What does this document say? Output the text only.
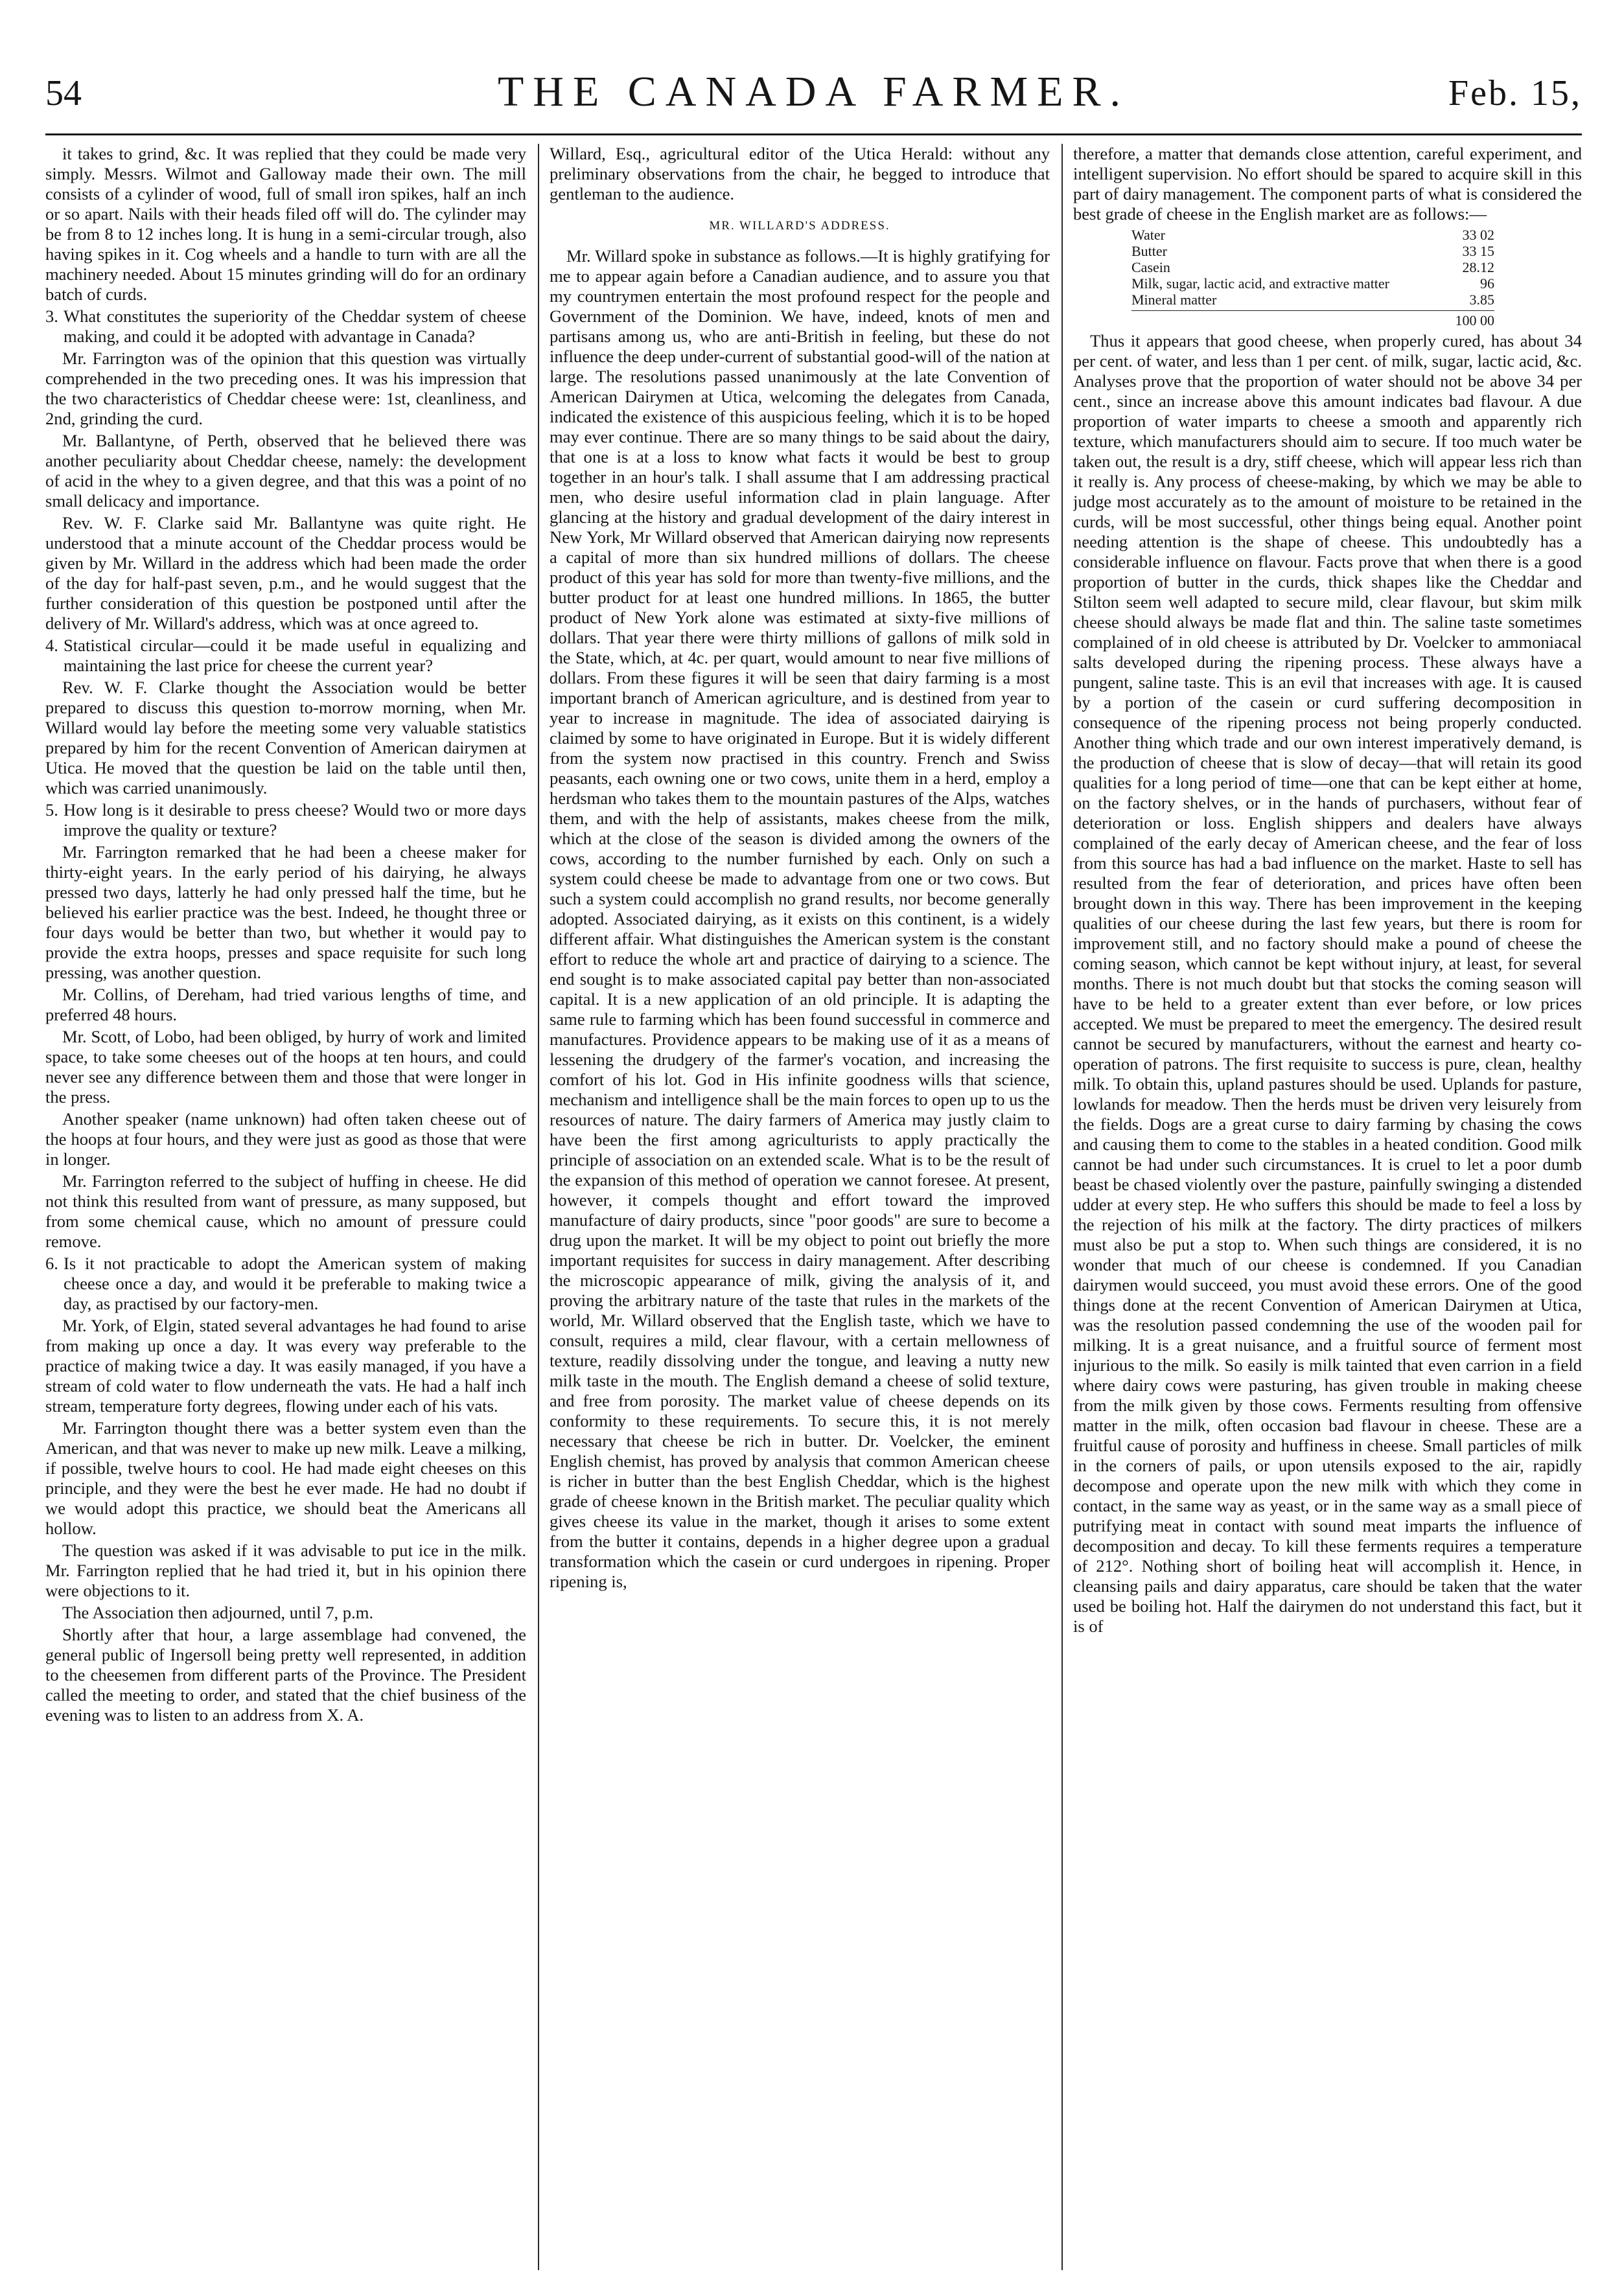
54	THE CANADA FARMER.	Feb. 15,

it takes to grind, &c. It was replied that they could be made very simply. Messrs. Wilmot and Galloway made their own. The mill consists of a cylinder of wood, full of small iron spikes, half an inch or so apart. Nails with their heads filed off will do. The cylinder may be from 8 to 12 inches long. It is hung in a semi-circular trough, also having spikes in it. Cog wheels and a handle to turn with are all the machinery needed. About 15 minutes grinding will do for an ordinary batch of curds.

3. What constitutes the superiority of the Cheddar system of cheese making, and could it be adopted with advantage in Canada?

Mr. Farrington was of the opinion that this question was virtually comprehended in the two preceding ones. It was his impression that the two characteristics of Cheddar cheese were: 1st, cleanliness, and 2nd, grinding the curd.

Mr. Ballantyne, of Perth, observed that he believed there was another peculiarity about Cheddar cheese, namely: the development of acid in the whey to a given degree, and that this was a point of no small delicacy and importance.

Rev. W. F. Clarke said Mr. Ballantyne was quite right. He understood that a minute account of the Cheddar process would be given by Mr. Willard in the address which had been made the order of the day for half-past seven, p.m., and he would suggest that the further consideration of this question be postponed until after the delivery of Mr. Willard's address, which was at once agreed to.

4. Statistical circular—could it be made useful in equalizing and maintaining the last price for cheese the current year?

Rev. W. F. Clarke thought the Association would be better prepared to discuss this question to-morrow morning, when Mr. Willard would lay before the meeting some very valuable statistics prepared by him for the recent Convention of American dairymen at Utica. He moved that the question be laid on the table until then, which was carried unanimously.

5. How long is it desirable to press cheese? Would two or more days improve the quality or texture?

Mr. Farrington remarked that he had been a cheese maker for thirty-eight years. In the early period of his dairying, he always pressed two days, latterly he had only pressed half the time, but he believed his earlier practice was the best. Indeed, he thought three or four days would be better than two, but whether it would pay to provide the extra hoops, presses and space requisite for such long pressing, was another question.

Mr. Collins, of Dereham, had tried various lengths of time, and preferred 48 hours.

Mr. Scott, of Lobo, had been obliged, by hurry of work and limited space, to take some cheeses out of the hoops at ten hours, and could never see any difference between them and those that were longer in the press.

Another speaker (name unknown) had often taken cheese out of the hoops at four hours, and they were just as good as those that were in longer.

Mr. Farrington referred to the subject of huffing in cheese. He did not think this resulted from want of pressure, as many supposed, but from some chemical cause, which no amount of pressure could remove.

6. Is it not practicable to adopt the American system of making cheese once a day, and would it be preferable to making twice a day, as practised by our factory-men.

Mr. York, of Elgin, stated several advantages he had found to arise from making up once a day. It was every way preferable to the practice of making twice a day. It was easily managed, if you have a stream of cold water to flow underneath the vats. He had a half inch stream, temperature forty degrees, flowing under each of his vats.

Mr. Farrington thought there was a better system even than the American, and that was never to make up new milk. Leave a milking, if possible, twelve hours to cool. He had made eight cheeses on this principle, and they were the best he ever made. He had no doubt if we would adopt this practice, we should beat the Americans all hollow.

The question was asked if it was advisable to put ice in the milk. Mr. Farrington replied that he had tried it, but in his opinion there were objections to it.

The Association then adjourned, until 7, p.m.

Shortly after that hour, a large assemblage had convened, the general public of Ingersoll being pretty well represented, in addition to the cheesemen from different parts of the Province. The President called the meeting to order, and stated that the chief business of the evening was to listen to an address from X. A.

Willard, Esq., agricultural editor of the Utica Herald: without any preliminary observations from the chair, he begged to introduce that gentleman to the audience.

MR. WILLARD'S ADDRESS.

Mr. Willard spoke in substance as follows.—It is highly gratifying for me to appear again before a Canadian audience, and to assure you that my countrymen entertain the most profound respect for the people and Government of the Dominion. We have, indeed, knots of men and partisans among us, who are anti-British in feeling, but these do not influence the deep under-current of substantial good-will of the nation at large. The resolutions passed unanimously at the late Convention of American Dairymen at Utica, welcoming the delegates from Canada, indicated the existence of this auspicious feeling, which it is to be hoped may ever continue. There are so many things to be said about the dairy, that one is at a loss to know what facts it would be best to group together in an hour's talk. I shall assume that I am addressing practical men, who desire useful information clad in plain language. After glancing at the history and gradual development of the dairy interest in New York, Mr Willard observed that American dairying now represents a capital of more than six hundred millions of dollars. The cheese product of this year has sold for more than twenty-five millions, and the butter product for at least one hundred millions. In 1865, the butter product of New York alone was estimated at sixty-five millions of dollars. That year there were thirty millions of gallons of milk sold in the State, which, at 4c. per quart, would amount to near five millions of dollars. From these figures it will be seen that dairy farming is a most important branch of American agriculture, and is destined from year to year to increase in magnitude. The idea of associated dairying is claimed by some to have originated in Europe. But it is widely different from the system now practised in this country. French and Swiss peasants, each owning one or two cows, unite them in a herd, employ a herdsman who takes them to the mountain pastures of the Alps, watches them, and with the help of assistants, makes cheese from the milk, which at the close of the season is divided among the owners of the cows, according to the number furnished by each. Only on such a system could cheese be made to advantage from one or two cows. But such a system could accomplish no grand results, nor become generally adopted. Associated dairying, as it exists on this continent, is a widely different affair. What distinguishes the American system is the constant effort to reduce the whole art and practice of dairying to a science. The end sought is to make associated capital pay better than non-associated capital. It is a new application of an old principle. It is adapting the same rule to farming which has been found successful in commerce and manufactures. Providence appears to be making use of it as a means of lessening the drudgery of the farmer's vocation, and increasing the comfort of his lot. God in His infinite goodness wills that science, mechanism and intelligence shall be the main forces to open up to us the resources of nature. The dairy farmers of America may justly claim to have been the first among agriculturists to apply practically the principle of association on an extended scale. What is to be the result of the expansion of this method of operation we cannot foresee. At present, however, it compels thought and effort toward the improved manufacture of dairy products, since "poor goods" are sure to become a drug upon the market. It will be my object to point out briefly the more important requisites for success in dairy management. After describing the microscopic appearance of milk, giving the analysis of it, and proving the arbitrary nature of the taste that rules in the markets of the world, Mr. Willard observed that the English taste, which we have to consult, requires a mild, clear flavour, with a certain mellowness of texture, readily dissolving under the tongue, and leaving a nutty new milk taste in the mouth. The English demand a cheese of solid texture, and free from porosity. The market value of cheese depends on its conformity to these requirements. To secure this, it is not merely necessary that cheese be rich in butter. Dr. Voelcker, the eminent English chemist, has proved by analysis that common American cheese is richer in butter than the best English Cheddar, which is the highest grade of cheese known in the British market. The peculiar quality which gives cheese its value in the market, though it arises to some extent from the butter it contains, depends in a higher degree upon a gradual transformation which the casein or curd undergoes in ripening. Proper ripening is,

therefore, a matter that demands close attention, careful experiment, and intelligent supervision. No effort should be spared to acquire skill in this part of dairy management. The component parts of what is considered the best grade of cheese in the English market are as follows:—

Water	33 02
Butter	33 15
Casein	28.12
Milk, sugar, lactic acid, and extractive matter	96
Mineral matter	3.85
100 00

Thus it appears that good cheese, when properly cured, has about 34 per cent. of water, and less than 1 per cent. of milk, sugar, lactic acid, &c. Analyses prove that the proportion of water should not be above 34 per cent., since an increase above this amount indicates bad flavour. A due proportion of water imparts to cheese a smooth and apparently rich texture, which manufacturers should aim to secure. If too much water be taken out, the result is a dry, stiff cheese, which will appear less rich than it really is. Any process of cheese-making, by which we may be able to judge most accurately as to the amount of moisture to be retained in the curds, will be most successful, other things being equal. Another point needing attention is the shape of cheese. This undoubtedly has a considerable influence on flavour. Facts prove that when there is a good proportion of butter in the curds, thick shapes like the Cheddar and Stilton seem well adapted to secure mild, clear flavour, but skim milk cheese should always be made flat and thin. The saline taste sometimes complained of in old cheese is attributed by Dr. Voelcker to ammoniacal salts developed during the ripening process. These always have a pungent, saline taste. This is an evil that increases with age. It is caused by a portion of the casein or curd suffering decomposition in consequence of the ripening process not being properly conducted. Another thing which trade and our own interest imperatively demand, is the production of cheese that is slow of decay—that will retain its good qualities for a long period of time—one that can be kept either at home, on the factory shelves, or in the hands of purchasers, without fear of deterioration or loss. English shippers and dealers have always complained of the early decay of American cheese, and the fear of loss from this source has had a bad influence on the market. Haste to sell has resulted from the fear of deterioration, and prices have often been brought down in this way. There has been improvement in the keeping qualities of our cheese during the last few years, but there is room for improvement still, and no factory should make a pound of cheese the coming season, which cannot be kept without injury, at least, for several months. There is not much doubt but that stocks the coming season will have to be held to a greater extent than ever before, or low prices accepted. We must be prepared to meet the emergency. The desired result cannot be secured by manufacturers, without the earnest and hearty co-operation of patrons. The first requisite to success is pure, clean, healthy milk. To obtain this, upland pastures should be used. Uplands for pasture, lowlands for meadow. Then the herds must be driven very leisurely from the fields. Dogs are a great curse to dairy farming by chasing the cows and causing them to come to the stables in a heated condition. Good milk cannot be had under such circumstances. It is cruel to let a poor dumb beast be chased violently over the pasture, painfully swinging a distended udder at every step. He who suffers this should be made to feel a loss by the rejection of his milk at the factory. The dirty practices of milkers must also be put a stop to. When such things are considered, it is no wonder that much of our cheese is condemned. If you Canadian dairymen would succeed, you must avoid these errors. One of the good things done at the recent Convention of American Dairymen at Utica, was the resolution passed condemning the use of the wooden pail for milking. It is a great nuisance, and a fruitful source of ferment most injurious to the milk. So easily is milk tainted that even carrion in a field where dairy cows were pasturing, has given trouble in making cheese from the milk given by those cows. Ferments resulting from offensive matter in the milk, often occasion bad flavour in cheese. These are a fruitful cause of porosity and huffiness in cheese. Small particles of milk in the corners of pails, or upon utensils exposed to the air, rapidly decompose and operate upon the new milk with which they come in contact, in the same way as yeast, or in the same way as a small piece of putrifying meat in contact with sound meat imparts the influence of decomposition and decay. To kill these ferments requires a temperature of 212°. Nothing short of boiling heat will accomplish it. Hence, in cleansing pails and dairy apparatus, care should be taken that the water used be boiling hot. Half the dairymen do not understand this fact, but it is of
